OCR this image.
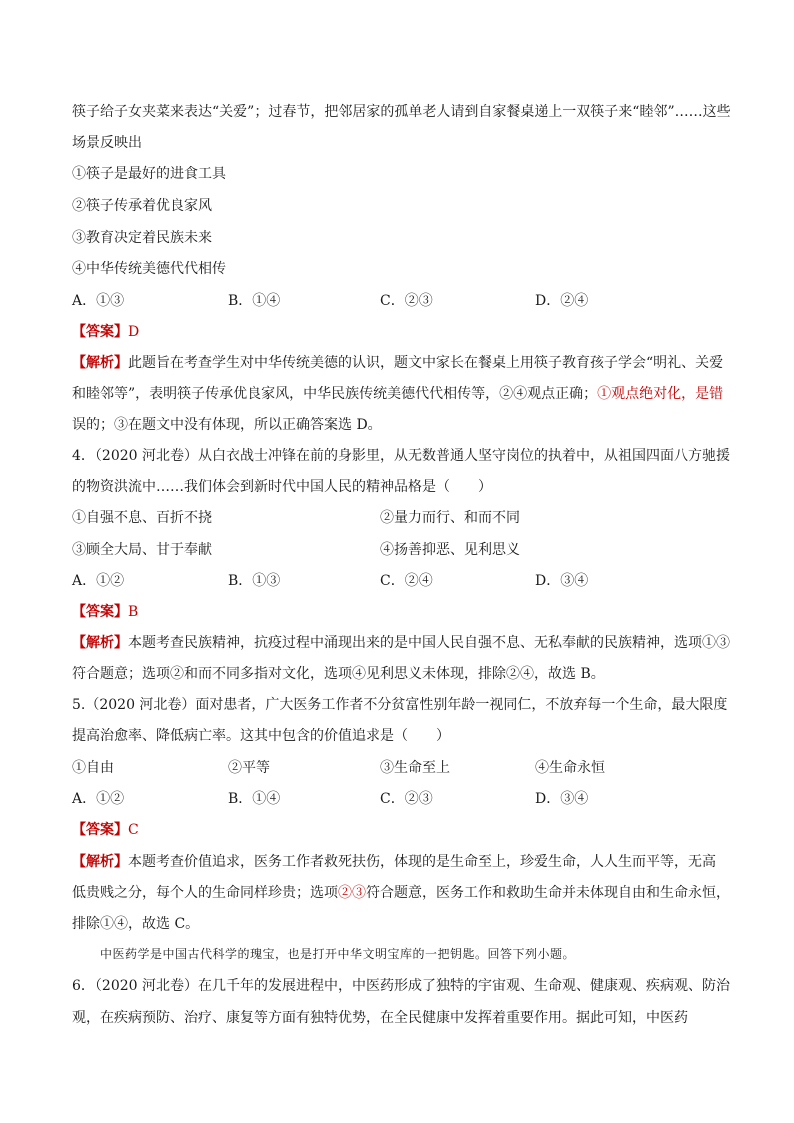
筷子给子女夹菜来表达“关爱”；过春节，把邻居家的孤单老人请到自家餐桌递上一双筷子来“睦邻”……这些
场景反映出
①筷子是最好的进食工具
②筷子传承着优良家风
③教育决定着民族未来
④中华传统美德代代相传
A．①③	B．①④	C．②③	D．②④
【答案】D
【解析】此题旨在考查学生对中华传统美德的认识，题文中家长在餐桌上用筷子教育孩子学会“明礼、关爱
和睦邻等”，表明筷子传承优良家风，中华民族传统美德代代相传等，②④观点正确；①观点绝对化，是错
误的；③在题文中没有体现，所以正确答案选 D。
4．（2020 河北卷）从白衣战士冲锋在前的身影里，从无数普通人坚守岗位的执着中，从祖国四面八方驰援
的物资洪流中……我们体会到新时代中国人民的精神品格是（　　）
①自强不息、百折不挠	②量力而行、和而不同
③顾全大局、甘于奉献	④扬善抑恶、见利思义
A．①②	B．①③	C．②④	D．③④
【答案】B
【解析】本题考查民族精神，抗疫过程中涌现出来的是中国人民自强不息、无私奉献的民族精神，选项①③
符合题意；选项②和而不同多指对文化，选项④见利思义未体现，排除②④，故选 B。
5.（2020 河北卷）面对患者，广大医务工作者不分贫富性别年龄一视同仁，不放弃每一个生命，最大限度
提高治愈率、降低病亡率。这其中包含的价值追求是（　　）
①自由	②平等	③生命至上	④生命永恒
A．①②	B．①④	C．②③	D．③④
【答案】C
【解析】本题考查价值追求，医务工作者救死扶伤，体现的是生命至上，珍爱生命，人人生而平等，无高
低贵贱之分，每个人的生命同样珍贵；选项②③符合题意，医务工作和救助生命并未体现自由和生命永恒，
排除①④，故选 C。
中医药学是中国古代科学的瑰宝，也是打开中华文明宝库的一把钥匙。回答下列小题。
6．（2020 河北卷）在几千年的发展进程中，中医药形成了独特的宇宙观、生命观、健康观、疾病观、防治
观，在疾病预防、治疗、康复等方面有独特优势，在全民健康中发挥着重要作用。据此可知，中医药
